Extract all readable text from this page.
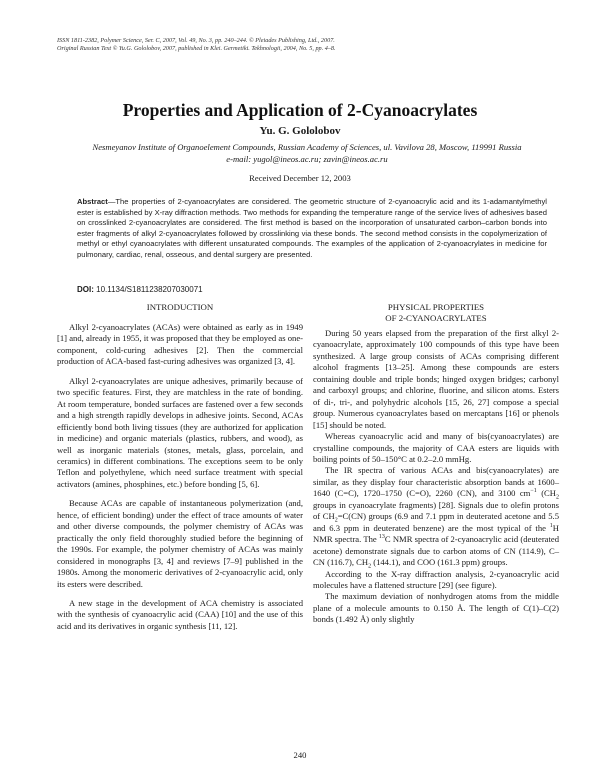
ISSN 1811-2382, Polymer Science, Ser. C, 2007, Vol. 49, No. 3, pp. 240–244. © Pleiades Publishing, Ltd., 2007.
Original Russian Text © Yu.G. Gololobov, 2007, published in Klei. Germetiki. Tekhnologii, 2004, No. 5, pp. 4–8.
Properties and Application of 2-Cyanoacrylates
Yu. G. Gololobov
Nesmeyanov Institute of Organoelement Compounds, Russian Academy of Sciences, ul. Vavilova 28, Moscow, 119991 Russia
e-mail: yugol@ineos.ac.ru; zavin@ineos.ac.ru
Received December 12, 2003
Abstract—The properties of 2-cyanoacrylates are considered. The geometric structure of 2-cyanoacrylic acid and its 1-adamantylmethyl ester is established by X-ray diffraction methods. Two methods for expanding the temperature range of the service lives of adhesives based on crosslinked 2-cyanoacrylates are considered. The first method is based on the incorporation of unsaturated carbon–carbon bonds into ester fragments of alkyl 2-cyanoacrylates followed by crosslinking via these bonds. The second method consists in the copolymerization of methyl or ethyl cyanoacrylates with different unsaturated compounds. The examples of the application of 2-cyanoacrylates in medicine for pulmonary, cardiac, renal, osseous, and dental surgery are presented.
DOI: 10.1134/S1811238207030071
INTRODUCTION

Alkyl 2-cyanoacrylates (ACAs) were obtained as early as in 1949 [1] and, already in 1955, it was proposed that they be employed as one-component, cold-curing adhesives [2]. Then the commercial production of ACA-based fast-curing adhesives was organized [3, 4].

Alkyl 2-cyanoacrylates are unique adhesives, primarily because of two specific features. First, they are matchless in the rate of bonding. At room temperature, bonded surfaces are fastened over a few seconds and a high strength rapidly develops in adhesive joints. Second, ACAs efficiently bond both living tissues (they are authorized for application in medicine) and organic materials (plastics, rubbers, and wood), as well as inorganic materials (stones, metals, glass, porcelain, and ceramics) in different combinations. The exceptions seem to be only Teflon and polyethylene, which need surface treatment with special activators (amines, phosphines, etc.) before bonding [5, 6].

Because ACAs are capable of instantaneous polymerization (and, hence, of efficient bonding) under the effect of trace amounts of water and other diverse compounds, the polymer chemistry of ACAs was practically the only field thoroughly studied before the beginning of the 1990s. For example, the polymer chemistry of ACAs was mainly considered in monographs [3, 4] and reviews [7–9] published in the 1980s. Among the monomeric derivatives of 2-cyanoacrylic acid, only its esters were described.

A new stage in the development of ACA chemistry is associated with the synthesis of cyanoacrylic acid (CAA) [10] and the use of this acid and its derivatives in organic synthesis [11, 12].

PHYSICAL PROPERTIES
OF 2-CYANOACRYLATES

During 50 years elapsed from the preparation of the first alkyl 2-cyanoacrylate, approximately 100 compounds of this type have been synthesized. A large group consists of ACAs comprising different alcohol fragments [13–25]. Among these compounds are esters containing double and triple bonds; hinged oxygen bridges; carbonyl and carboxyl groups; and chlorine, fluorine, and silicon atoms. Esters of di-, tri-, and polyhydric alcohols [15, 26, 27] compose a special group. Numerous cyanoacrylates based on mercaptans [16] or phenols [15] should be noted.

Whereas cyanoacrylic acid and many of bis(cyanoacrylates) are crystalline compounds, the majority of CAA esters are liquids with boiling points of 50–150°C at 0.2–2.0 mmHg.

The IR spectra of various ACAs and bis(cyanoacrylates) are similar, as they display four characteristic absorption bands at 1600–1640 (C=C), 1720–1750 (C=O), 2260 (CN), and 3100 $cm^{-1}$ ($CH_2$ groups in cyanoacrylate fragments) [28]. Signals due to olefin protons of $CH_2=C(CN)$ groups (6.9 and 7.1 ppm in deuterated acetone and 5.5 and 6.3 ppm in deuterated benzene) are the most typical of the $^1$H NMR spectra. The $^{13}$C NMR spectra of 2-cyanoacrylic acid (deuterated acetone) demonstrate signals due to carbon atoms of CN (114.9), C–CN (116.7), $CH_2$ (144.1), and COO (161.3 ppm) groups.

According to the X-ray diffraction analysis, 2-cyanoacrylic acid molecules have a flattened structure [29] (see figure).

The maximum deviation of nonhydrogen atoms from the middle plane of a molecule amounts to 0.150 Å. The length of C(1)–C(2) bonds (1.492 Å) only slightly

240
